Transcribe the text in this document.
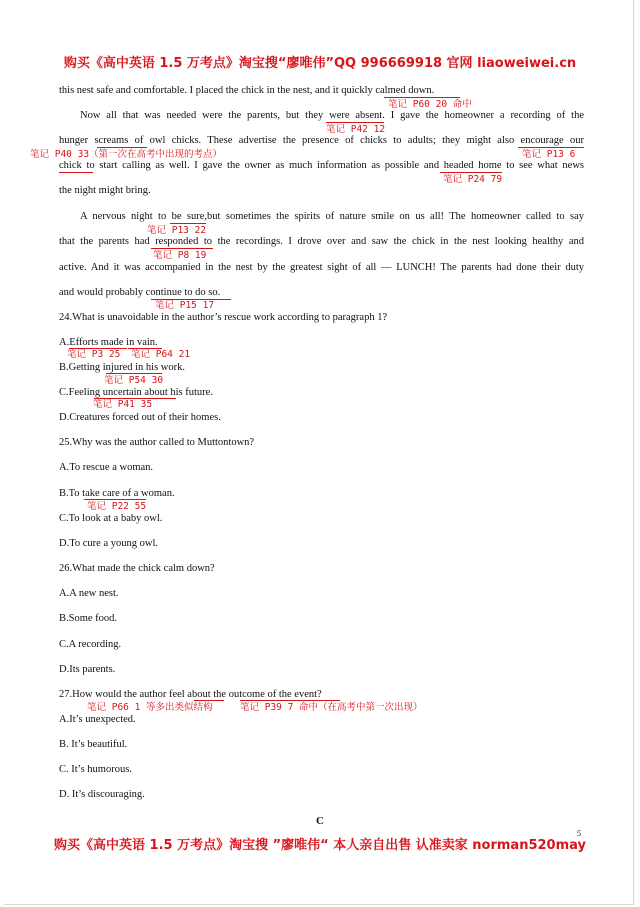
购买《高中英语 1.5 万考点》淘宝搜“廖唯伟”QQ 996669918 官网 liaoweiwei.cn
this nest safe and comfortable. I placed the chick in the nest, and it quickly calmed down.
笔记 P60 20 命中
Now all that was needed were the parents, but they were absent. I gave the homeowner a recording of the
笔记 P42 12
hunger screams of owl chicks. These advertise the presence of chicks to adults; they might also encourage our
笔记 P40 33（第一次在高考中出现的考点）	笔记 P13 6
chick to start calling as well. I gave the owner as much information as possible and headed home to see what news
笔记 P24 79
the night might bring.
A nervous night to be sure,but sometimes the spirits of nature smile on us all! The homeowner called to say
笔记 P13 22
that the parents had responded to the recordings. I drove over and saw the chick in the nest looking healthy and
笔记 P8 19
active. And it was accompanied in the nest by the greatest sight of all — LUNCH! The parents had done their duty
and would probably continue to do so.
笔记 P15 17
24.What is unavoidable in the author’s rescue work according to paragraph 1?
A.Efforts made in vain.
笔记 P3 25 笔记 P64 21
B.Getting injured in his work.
笔记 P54 30
C.Feeling uncertain about his future.
笔记 P41 35
D.Creatures forced out of their homes.
25.Why was the author called to Muttontown?
A.To rescue a woman.
B.To take care of a woman.
笔记 P22 55
C.To look at a baby owl.
D.To cure a young owl.
26.What made the chick calm down?
A.A new nest.
B.Some food.
C.A recording.
D.Its parents.
27.How would the author feel about the outcome of the event?
笔记 P66 1 等多出类似结构	笔记 P39 7 命中（在高考中第一次出现）
A.It’s unexpected.
B. It’s beautiful.
C. It’s humorous.
D. It’s discouraging.
C
5
购买《高中英语 1.5 万考点》淘宝搜 ”廖唯伟“ 本人亲自出售 认准卖家 norman520may
